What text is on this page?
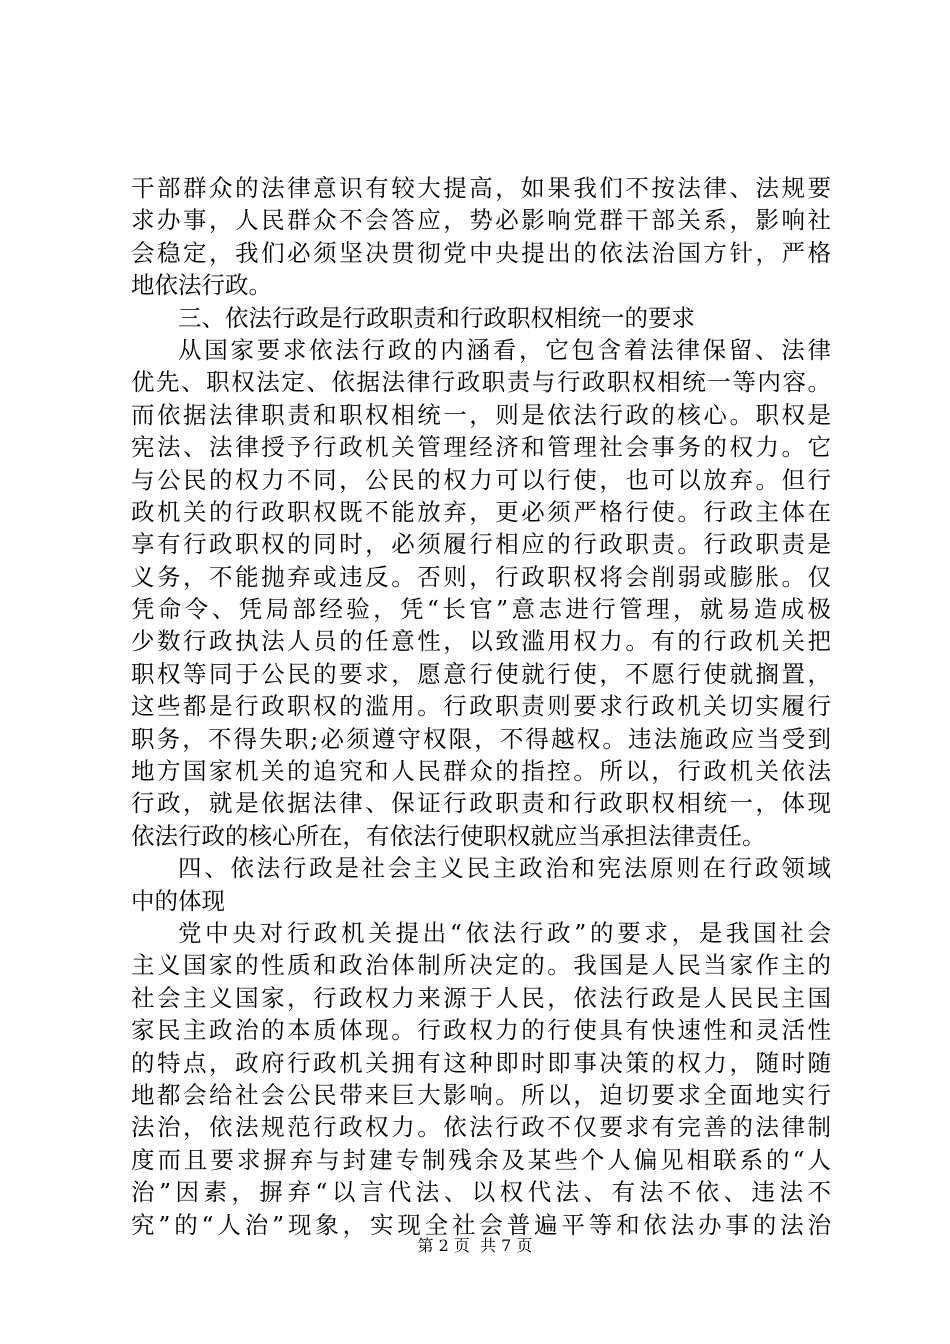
干部群众的法律意识有较大提高，如果我们不按法律、法规要
求办事，人民群众不会答应，势必影响党群干部关系，影响社
会稳定，我们必须坚决贯彻党中央提出的依法治国方针，严格
地依法行政。
三、依法行政是行政职责和行政职权相统一的要求
从国家要求依法行政的内涵看，它包含着法律保留、法律
优先、职权法定、依据法律行政职责与行政职权相统一等内容。
而依据法律职责和职权相统一，则是依法行政的核心。职权是
宪法、法律授予行政机关管理经济和管理社会事务的权力。它
与公民的权力不同，公民的权力可以行使，也可以放弃。但行
政机关的行政职权既不能放弃，更必须严格行使。行政主体在
享有行政职权的同时，必须履行相应的行政职责。行政职责是
义务，不能抛弃或违反。否则，行政职权将会削弱或膨胀。仅
凭命令、凭局部经验，凭“长官”意志进行管理，就易造成极
少数行政执法人员的任意性，以致滥用权力。有的行政机关把
职权等同于公民的要求，愿意行使就行使，不愿行使就搁置，
这些都是行政职权的滥用。行政职责则要求行政机关切实履行
职务，不得失职;必须遵守权限，不得越权。违法施政应当受到
地方国家机关的追究和人民群众的指控。所以，行政机关依法
行政，就是依据法律、保证行政职责和行政职权相统一，体现
依法行政的核心所在，有依法行使职权就应当承担法律责任。
四、依法行政是社会主义民主政治和宪法原则在行政领域
中的体现
党中央对行政机关提出“依法行政”的要求，是我国社会
主义国家的性质和政治体制所决定的。我国是人民当家作主的
社会主义国家，行政权力来源于人民，依法行政是人民民主国
家民主政治的本质体现。行政权力的行使具有快速性和灵活性
的特点，政府行政机关拥有这种即时即事决策的权力，随时随
地都会给社会公民带来巨大影响。所以，迫切要求全面地实行
法治，依法规范行政权力。依法行政不仅要求有完善的法律制
度而且要求摒弃与封建专制残余及某些个人偏见相联系的“人
治”因素，摒弃“以言代法、以权代法、有法不依、违法不
究”的“人治”现象，实现全社会普遍平等和依法办事的法治
第 2 页 共 7 页
